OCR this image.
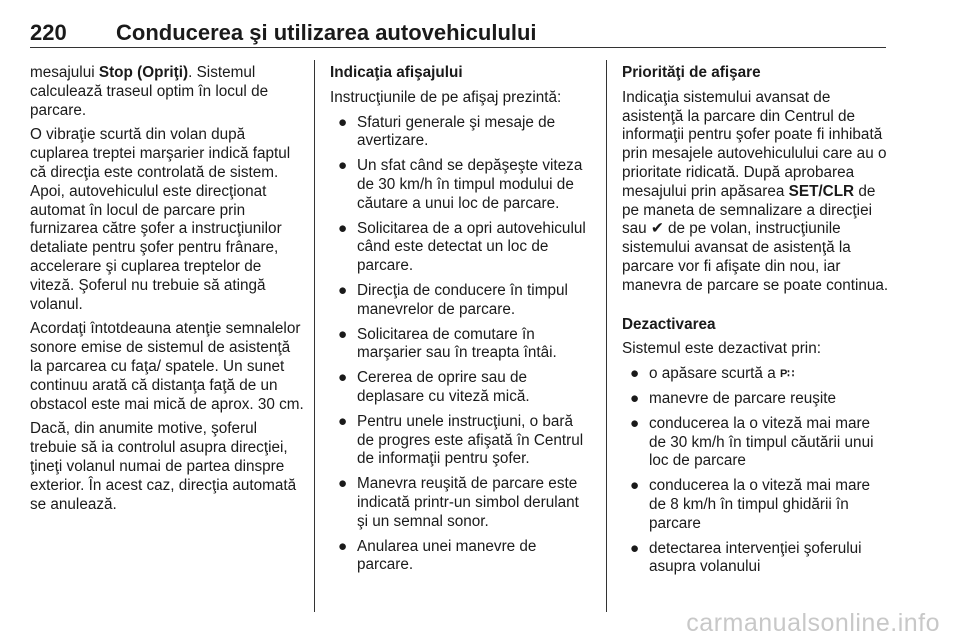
220 Conducerea şi utilizarea autovehiculului

mesajului Stop (Opriţi). Sistemul calculează traseul optim în locul de parcare.

O vibraţie scurtă din volan după cuplarea treptei marşarier indică faptul că direcţia este controlată de sistem. Apoi, autovehiculul este direcţionat automat în locul de parcare prin furnizarea către şofer a instrucţiunilor detaliate pentru şofer pentru frânare, accelerare şi cuplarea treptelor de viteză. Şoferul nu trebuie să atingă volanul.

Acordaţi întotdeauna atenţie semnalelor sonore emise de sistemul de asistenţă la parcarea cu faţa/ spatele. Un sunet continuu arată că distanţa faţă de un obstacol este mai mică de aprox. 30 cm.

Dacă, din anumite motive, şoferul trebuie să ia controlul asupra direcţiei, ţineţi volanul numai de partea dinspre exterior. În acest caz, direcţia automată se anulează.

Indicaţia afişajului

Instrucţiunile de pe afişaj prezintă:

● Sfaturi generale şi mesaje de avertizare.
● Un sfat când se depăşeşte viteza de 30 km/h în timpul modului de căutare a unui loc de parcare.
● Solicitarea de a opri autovehiculul când este detectat un loc de parcare.
● Direcţia de conducere în timpul manevrelor de parcare.
● Solicitarea de comutare în marşarier sau în treapta întâi.
● Cererea de oprire sau de deplasare cu viteză mică.
● Pentru unele instrucţiuni, o bară de progres este afişată în Centrul de informaţii pentru şofer.
● Manevra reuşită de parcare este indicată printr-un simbol derulant şi un semnal sonor.
● Anularea unei manevre de parcare.

Priorităţi de afişare

Indicaţia sistemului avansat de asistenţă la parcare din Centrul de informaţii pentru şofer poate fi inhibată prin mesajele autovehiculului care au o prioritate ridicată. După aprobarea mesajului prin apăsarea SET/CLR de pe maneta de semnalizare a direcţiei sau ✔ de pe volan, instrucţiunile sistemului avansat de asistenţă la parcare vor fi afişate din nou, iar manevra de parcare se poate continua.

Dezactivarea

Sistemul este dezactivat prin:

● o apăsare scurtă a P∷
● manevre de parcare reuşite
● conducerea la o viteză mai mare de 30 km/h în timpul căutării unui loc de parcare
● conducerea la o viteză mai mare de 8 km/h în timpul ghidării în parcare
● detectarea intervenţiei şoferului asupra volanului
carmanualsonline.info
